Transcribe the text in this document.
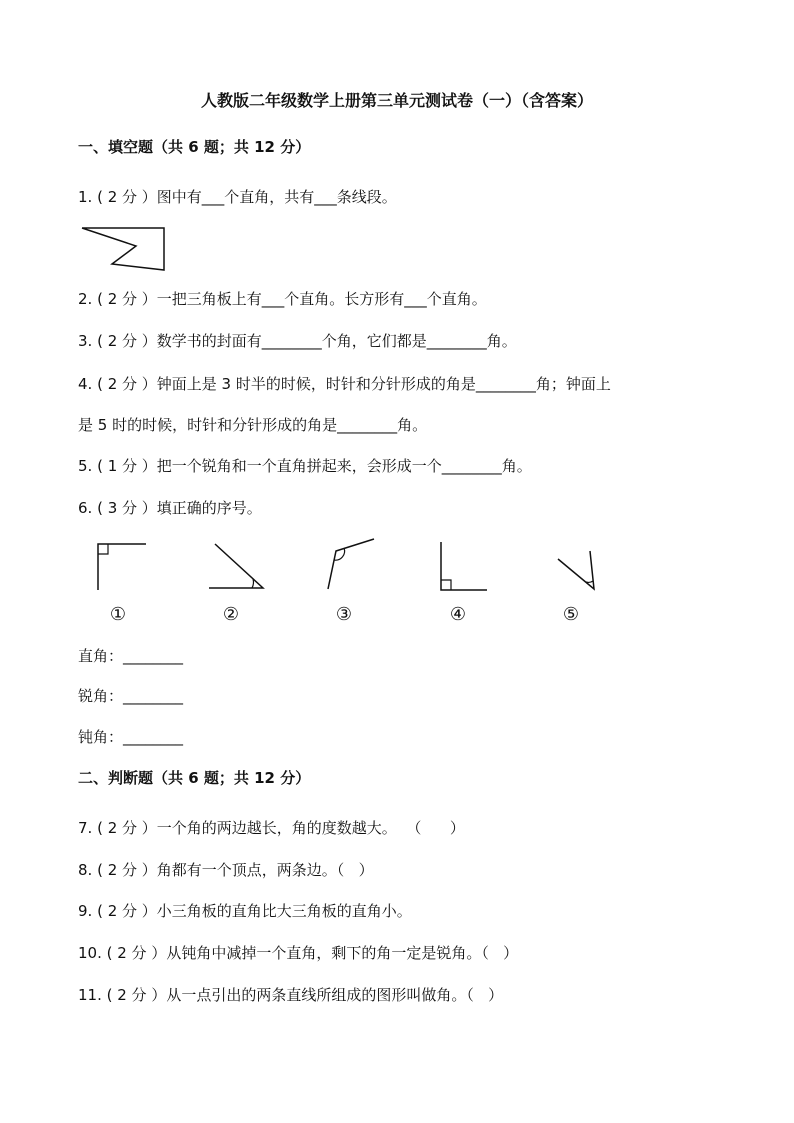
人教版二年级数学上册第三单元测试卷（一）（含答案）
一、填空题（共 6 题；共 12 分）
1. ( 2 分 ）图中有___个直角，共有___条线段。
2. ( 2 分 ）一把三角板上有___个直角。长方形有___个直角。
3. ( 2 分 ）数学书的封面有________个角，它们都是________角。
4. ( 2 分 ）钟面上是 3 时半的时候，时针和分针形成的角是________角；钟面上
是 5 时的时候，时针和分针形成的角是________角。
5. ( 1 分 ）把一个锐角和一个直角拼起来，会形成一个________角。
6. ( 3 分 ）填正确的序号。
①	②	③	④	⑤
直角：________
锐角：________
钝角：________
二、判断题（共 6 题；共 12 分）
7. ( 2 分 ）一个角的两边越长，角的度数越大。  （      ）
8. ( 2 分 ）角都有一个顶点，两条边。（   ）
9. ( 2 分 ）小三角板的直角比大三角板的直角小。
10. ( 2 分 ）从钝角中减掉一个直角，剩下的角一定是锐角。（   ）
11. ( 2 分 ）从一点引出的两条直线所组成的图形叫做角。（   ）
